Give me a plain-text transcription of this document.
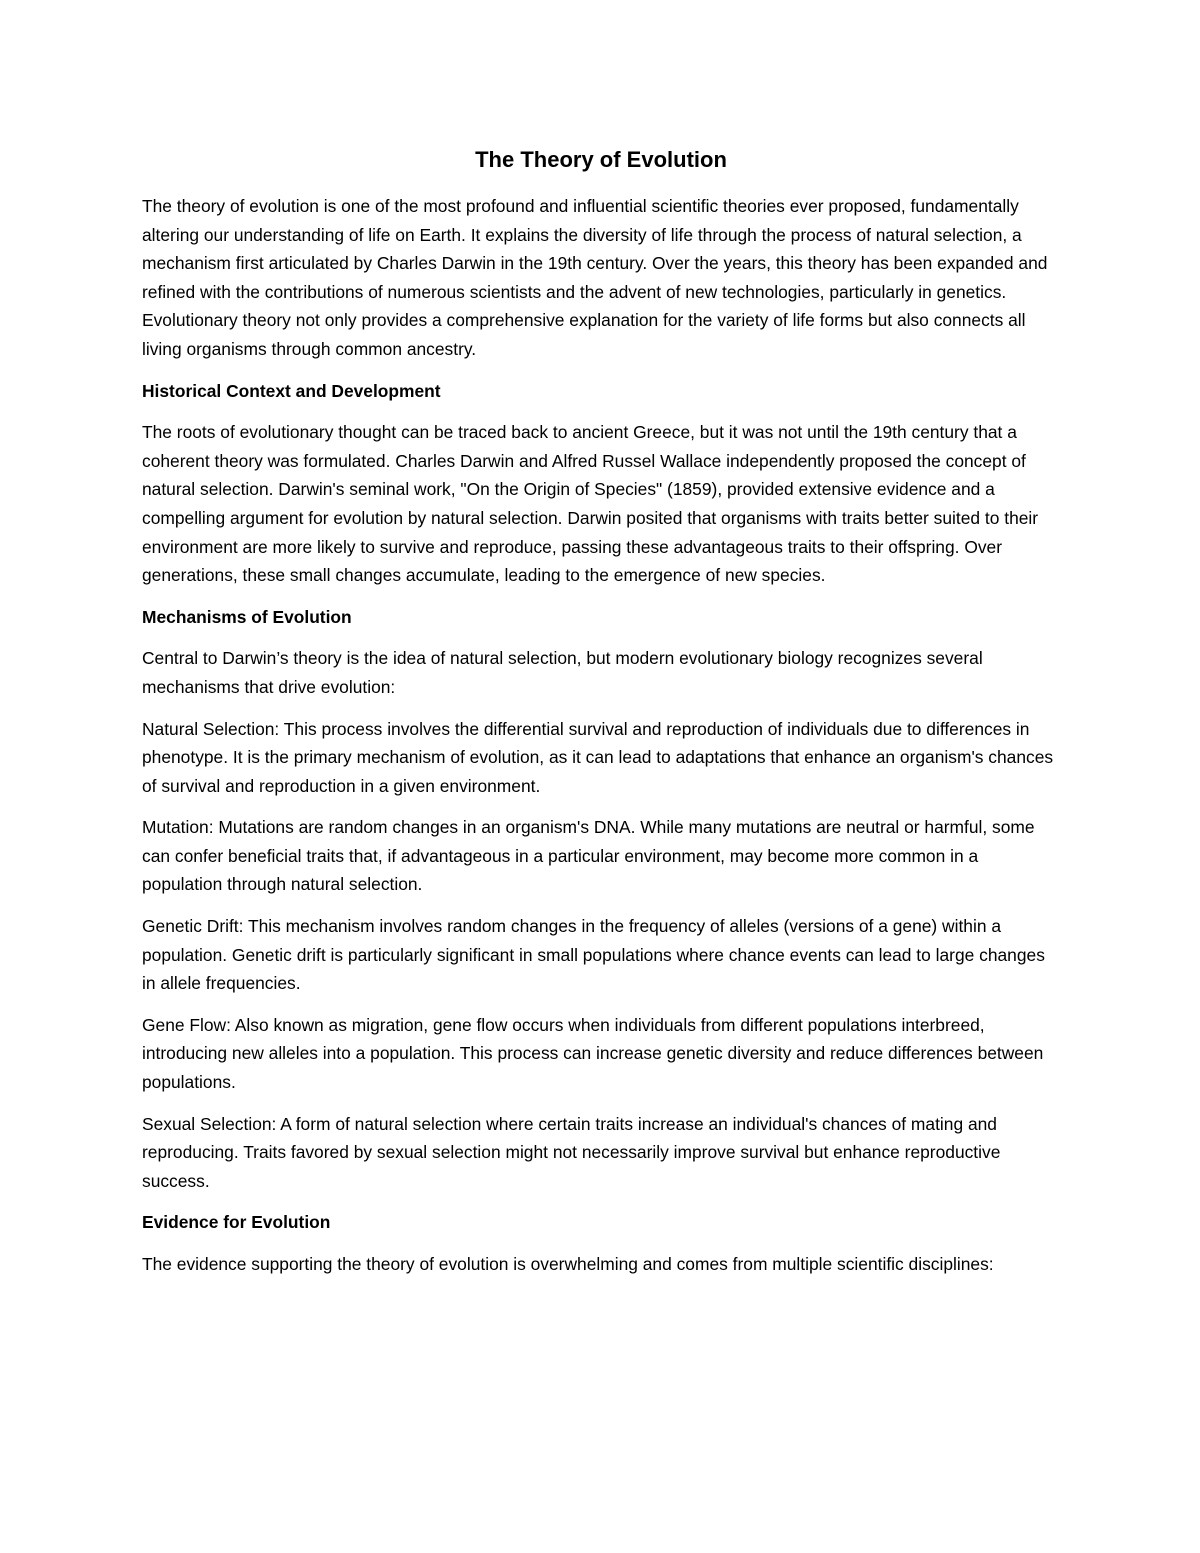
The Theory of Evolution

The theory of evolution is one of the most profound and influential scientific theories ever proposed, fundamentally altering our understanding of life on Earth. It explains the diversity of life through the process of natural selection, a mechanism first articulated by Charles Darwin in the 19th century. Over the years, this theory has been expanded and refined with the contributions of numerous scientists and the advent of new technologies, particularly in genetics. Evolutionary theory not only provides a comprehensive explanation for the variety of life forms but also connects all living organisms through common ancestry.

Historical Context and Development

The roots of evolutionary thought can be traced back to ancient Greece, but it was not until the 19th century that a coherent theory was formulated. Charles Darwin and Alfred Russel Wallace independently proposed the concept of natural selection. Darwin's seminal work, "On the Origin of Species" (1859), provided extensive evidence and a compelling argument for evolution by natural selection. Darwin posited that organisms with traits better suited to their environment are more likely to survive and reproduce, passing these advantageous traits to their offspring. Over generations, these small changes accumulate, leading to the emergence of new species.

Mechanisms of Evolution

Central to Darwin’s theory is the idea of natural selection, but modern evolutionary biology recognizes several mechanisms that drive evolution:

Natural Selection: This process involves the differential survival and reproduction of individuals due to differences in phenotype. It is the primary mechanism of evolution, as it can lead to adaptations that enhance an organism's chances of survival and reproduction in a given environment.

Mutation: Mutations are random changes in an organism's DNA. While many mutations are neutral or harmful, some can confer beneficial traits that, if advantageous in a particular environment, may become more common in a population through natural selection.

Genetic Drift: This mechanism involves random changes in the frequency of alleles (versions of a gene) within a population. Genetic drift is particularly significant in small populations where chance events can lead to large changes in allele frequencies.

Gene Flow: Also known as migration, gene flow occurs when individuals from different populations interbreed, introducing new alleles into a population. This process can increase genetic diversity and reduce differences between populations.

Sexual Selection: A form of natural selection where certain traits increase an individual's chances of mating and reproducing. Traits favored by sexual selection might not necessarily improve survival but enhance reproductive success.

Evidence for Evolution

The evidence supporting the theory of evolution is overwhelming and comes from multiple scientific disciplines:
